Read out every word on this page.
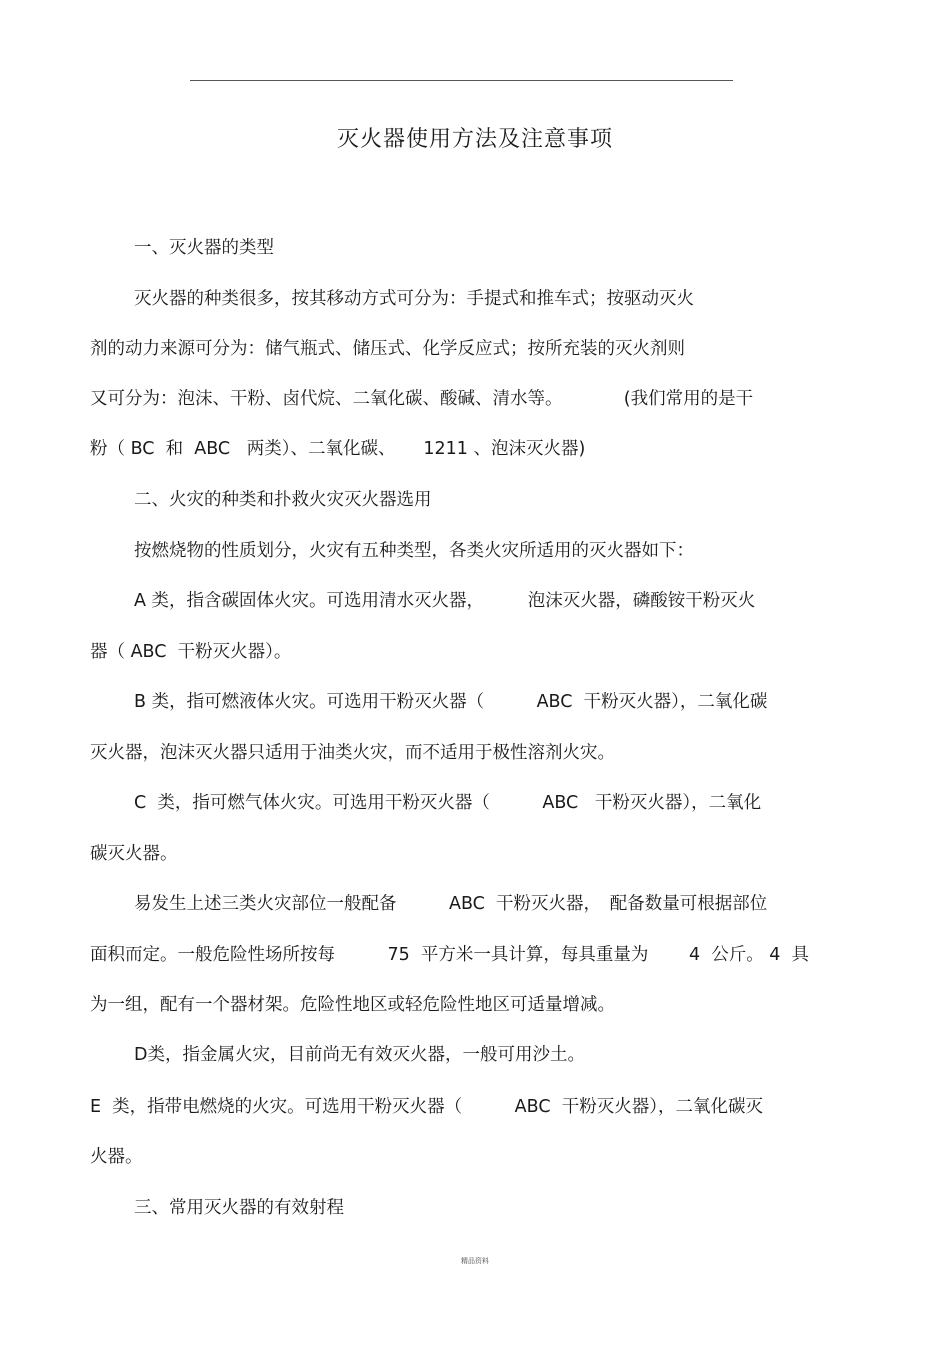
灭火器使用方法及注意事项
一、灭火器的类型
灭火器的种类很多，按其移动方式可分为：手提式和推车式；按驱动灭火
剂的动力来源可分为：储气瓶式、储压式、化学反应式；按所充装的灭火剂则
又可分为：泡沫、干粉、卤代烷、二氧化碳、酸碱、清水等。　　　　(我们常用的是干
粉（ BC  和  ABC   两类）、二氧化碳、     1211 、泡沫灭火器)
二、火灾的种类和扑救火灾灭火器选用
按燃烧物的性质划分，火灾有五种类型，各类火灾所适用的灭火器如下：
A 类，指含碳固体火灾。可选用清水灭火器，　　　泡沫灭火器，磷酸铵干粉灭火
器（ ABC  干粉灭火器）。
B 类，指可燃液体火灾。可选用干粉灭火器（　　　ABC  干粉灭火器），二氧化碳
灭火器，泡沫灭火器只适用于油类火灾，而不适用于极性溶剂火灾。
C  类，指可燃气体火灾。可选用干粉灭火器（　　　ABC   干粉灭火器），二氧化
碳灭火器。
易发生上述三类火灾部位一般配备　　　ABC  干粉灭火器，　配备数量可根据部位
面积而定。一般危险性场所按每　　　75  平方米一具计算，每具重量为　　 4  公斤。 4  具
为一组，配有一个器材架。危险性地区或轻危险性地区可适量增减。
D类，指金属火灾，目前尚无有效灭火器，一般可用沙土。
E  类，指带电燃烧的火灾。可选用干粉灭火器（　　　ABC  干粉灭火器），二氧化碳灭
火器。
三、常用灭火器的有效射程
精品资料
